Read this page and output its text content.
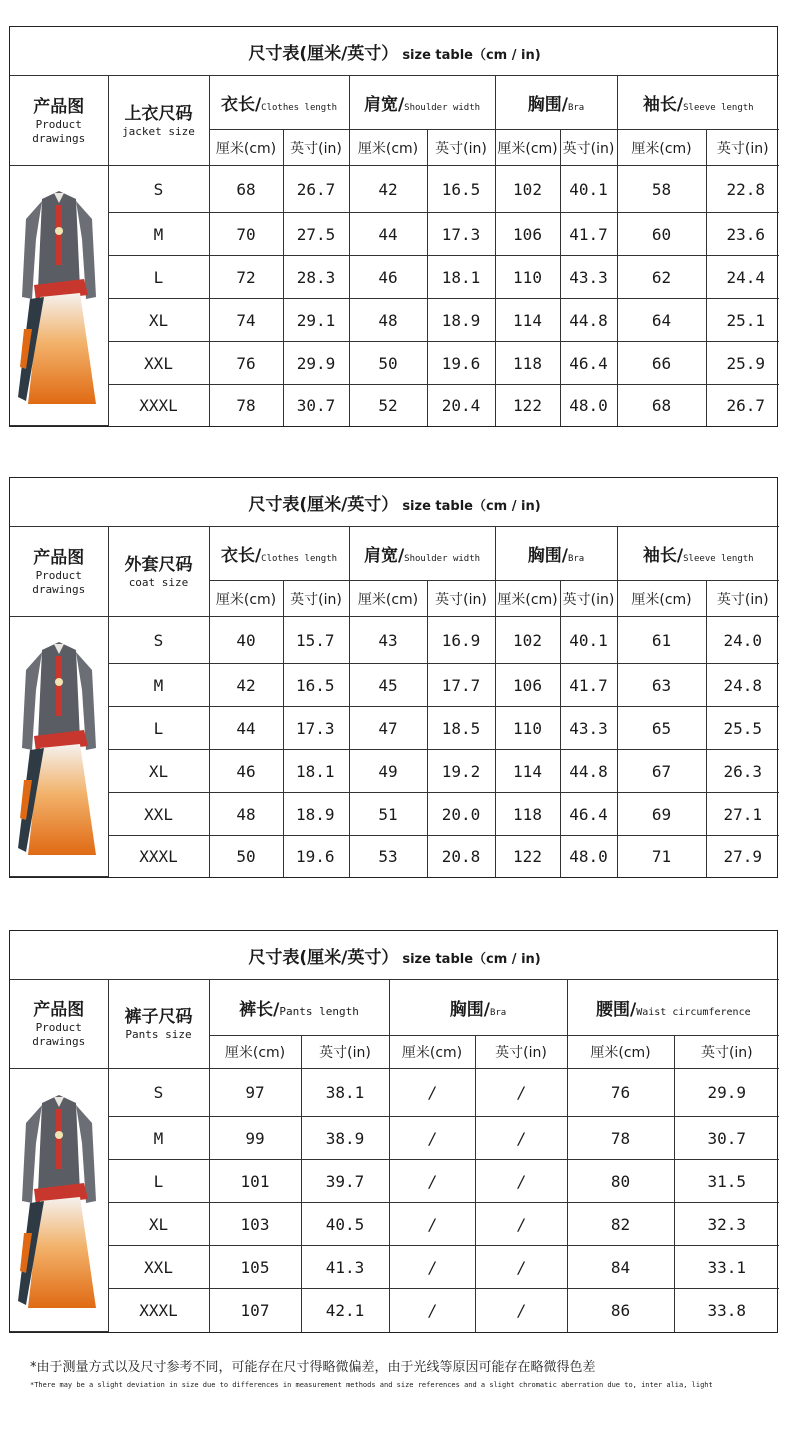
尺寸表(厘米/英寸） size table（cm / in)									

产品图
Product
drawings	上衣尺码
jacket size	衣长/Clothes length		肩宽/Shoulder width		胸围/Bra		袖长/Sleeve length	
		厘米(cm)	英寸(in)	厘米(cm)	英寸(in)	厘米(cm)	英寸(in)	厘米(cm)	英寸(in)
	S	68	26.7	42	16.5	102	40.1	58	22.8
	M	70	27.5	44	17.3	106	41.7	60	23.6
	L	72	28.3	46	18.1	110	43.3	62	24.4
	XL	74	29.1	48	18.9	114	44.8	64	25.1
	XXL	76	29.9	50	19.6	118	46.4	66	25.9
	XXXL	78	30.7	52	20.4	122	48.0	68	26.7
尺寸表(厘米/英寸） size table（cm / in)									

产品图
Product
drawings	外套尺码
coat size	衣长/Clothes length		肩宽/Shoulder width		胸围/Bra		袖长/Sleeve length	
		厘米(cm)	英寸(in)	厘米(cm)	英寸(in)	厘米(cm)	英寸(in)	厘米(cm)	英寸(in)
	S	40	15.7	43	16.9	102	40.1	61	24.0
	M	42	16.5	45	17.7	106	41.7	63	24.8
	L	44	17.3	47	18.5	110	43.3	65	25.5
	XL	46	18.1	49	19.2	114	44.8	67	26.3
	XXL	48	18.9	51	20.0	118	46.4	69	27.1
	XXXL	50	19.6	53	20.8	122	48.0	71	27.9
尺寸表(厘米/英寸） size table（cm / in)							

产品图
Product
drawings	裤子尺码
Pants size	裤长/Pants length		胸围/Bra		腰围/Waist circumference	
		厘米(cm)	英寸(in)	厘米(cm)	英寸(in)	厘米(cm)	英寸(in)
	S	97	38.1	/	/	76	29.9
	M	99	38.9	/	/	78	30.7
	L	101	39.7	/	/	80	31.5
	XL	103	40.5	/	/	82	32.3
	XXL	105	41.3	/	/	84	33.1
	XXXL	107	42.1	/	/	86	33.8
*由于测量方式以及尺寸参考不同，可能存在尺寸得略微偏差，由于光线等原因可能存在略微得色差
*There may be a slight deviation in size due to differences in measurement methods and size references and a slight chromatic aberration due to, inter alia, light
